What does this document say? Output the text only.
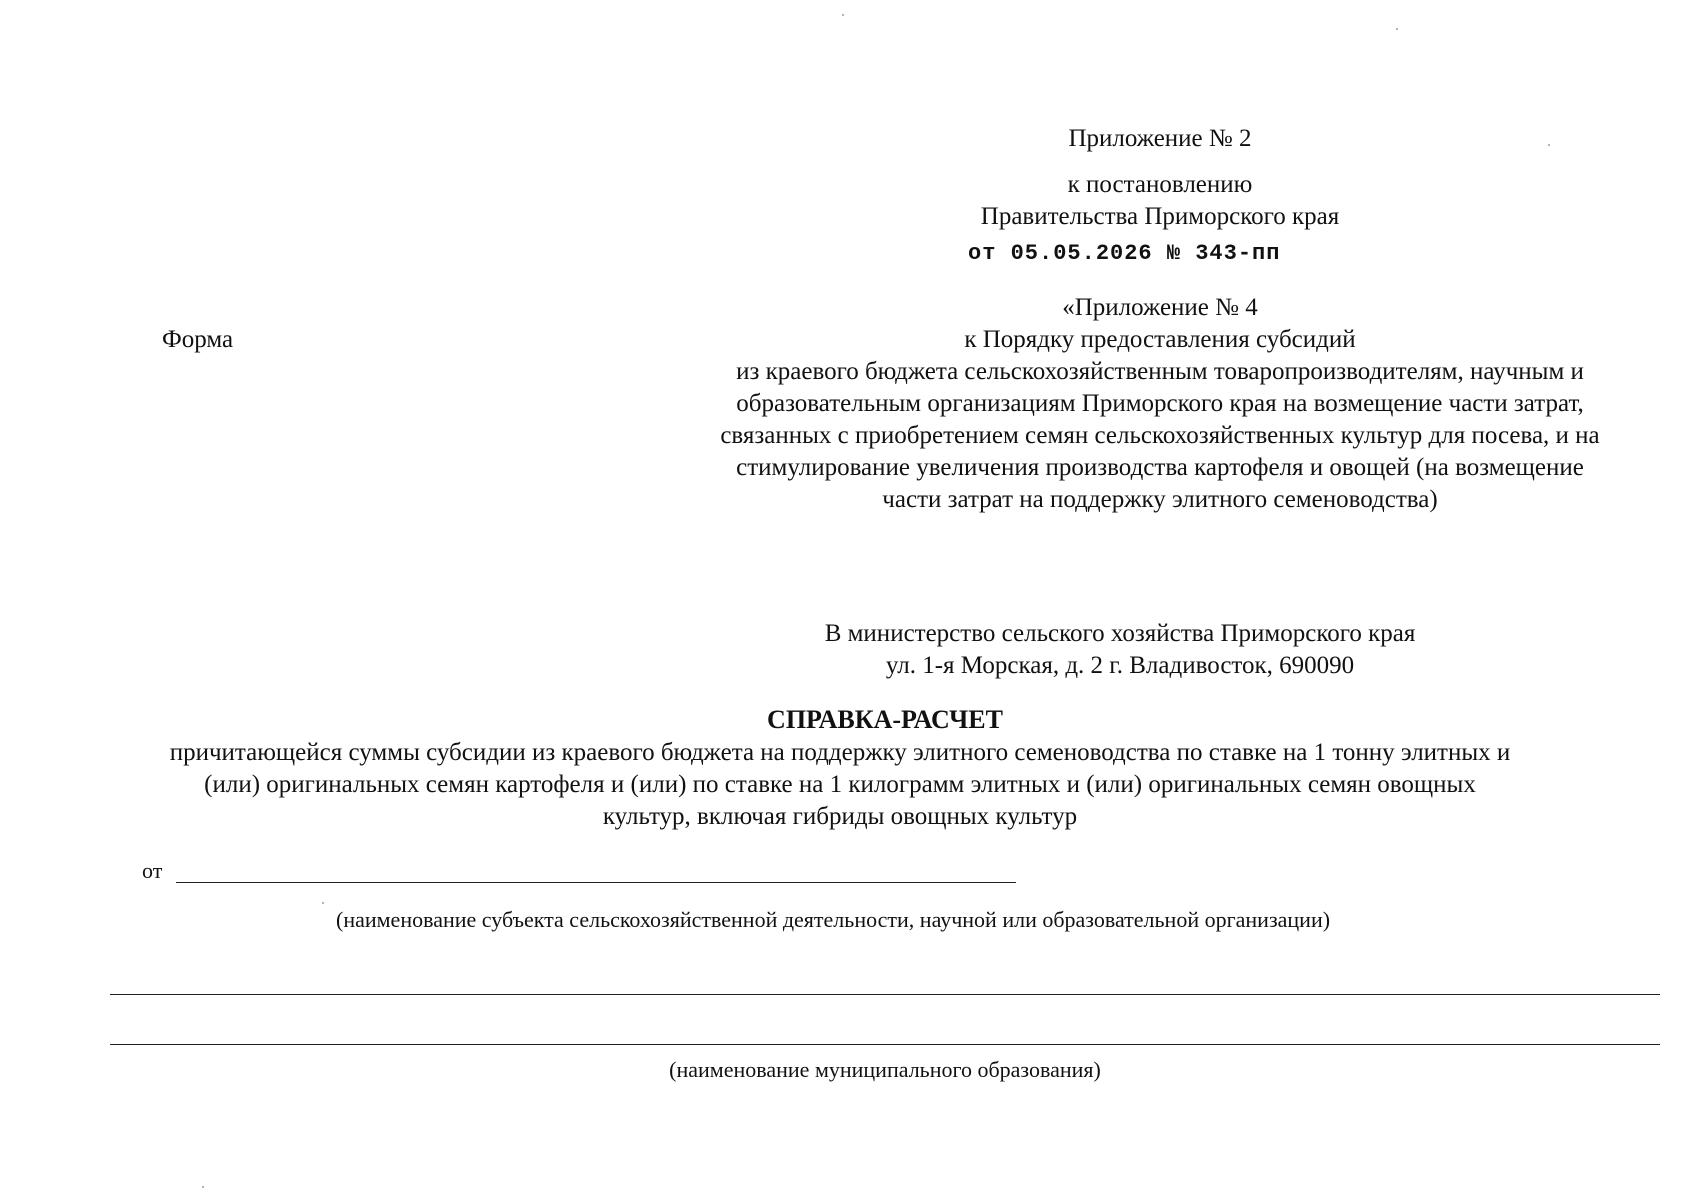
Приложение № 2
к постановлению
Правительства Приморского края
от 05.05.2026 № 343-пп
Форма
«Приложение № 4
к Порядку предоставления субсидий
из краевого бюджета сельскохозяйственным товаропроизводителям, научным и
образовательным организациям Приморского края на возмещение части затрат,
связанных с приобретением семян сельскохозяйственных культур для посева, и на
стимулирование увеличения производства картофеля и овощей (на возмещение
части затрат на поддержку элитного семеноводства)
В министерство сельского хозяйства Приморского края
ул. 1-я Морская, д. 2 г. Владивосток, 690090
СПРАВКА-РАСЧЕТ
причитающейся суммы субсидии из краевого бюджета на поддержку элитного семеноводства по ставке на 1 тонну элитных и
(или) оригинальных семян картофеля и (или) по ставке на 1 килограмм элитных и (или) оригинальных семян овощных
культур, включая гибриды овощных культур
от
(наименование субъекта сельскохозяйственной деятельности, научной или образовательной организации)
(наименование муниципального образования)
